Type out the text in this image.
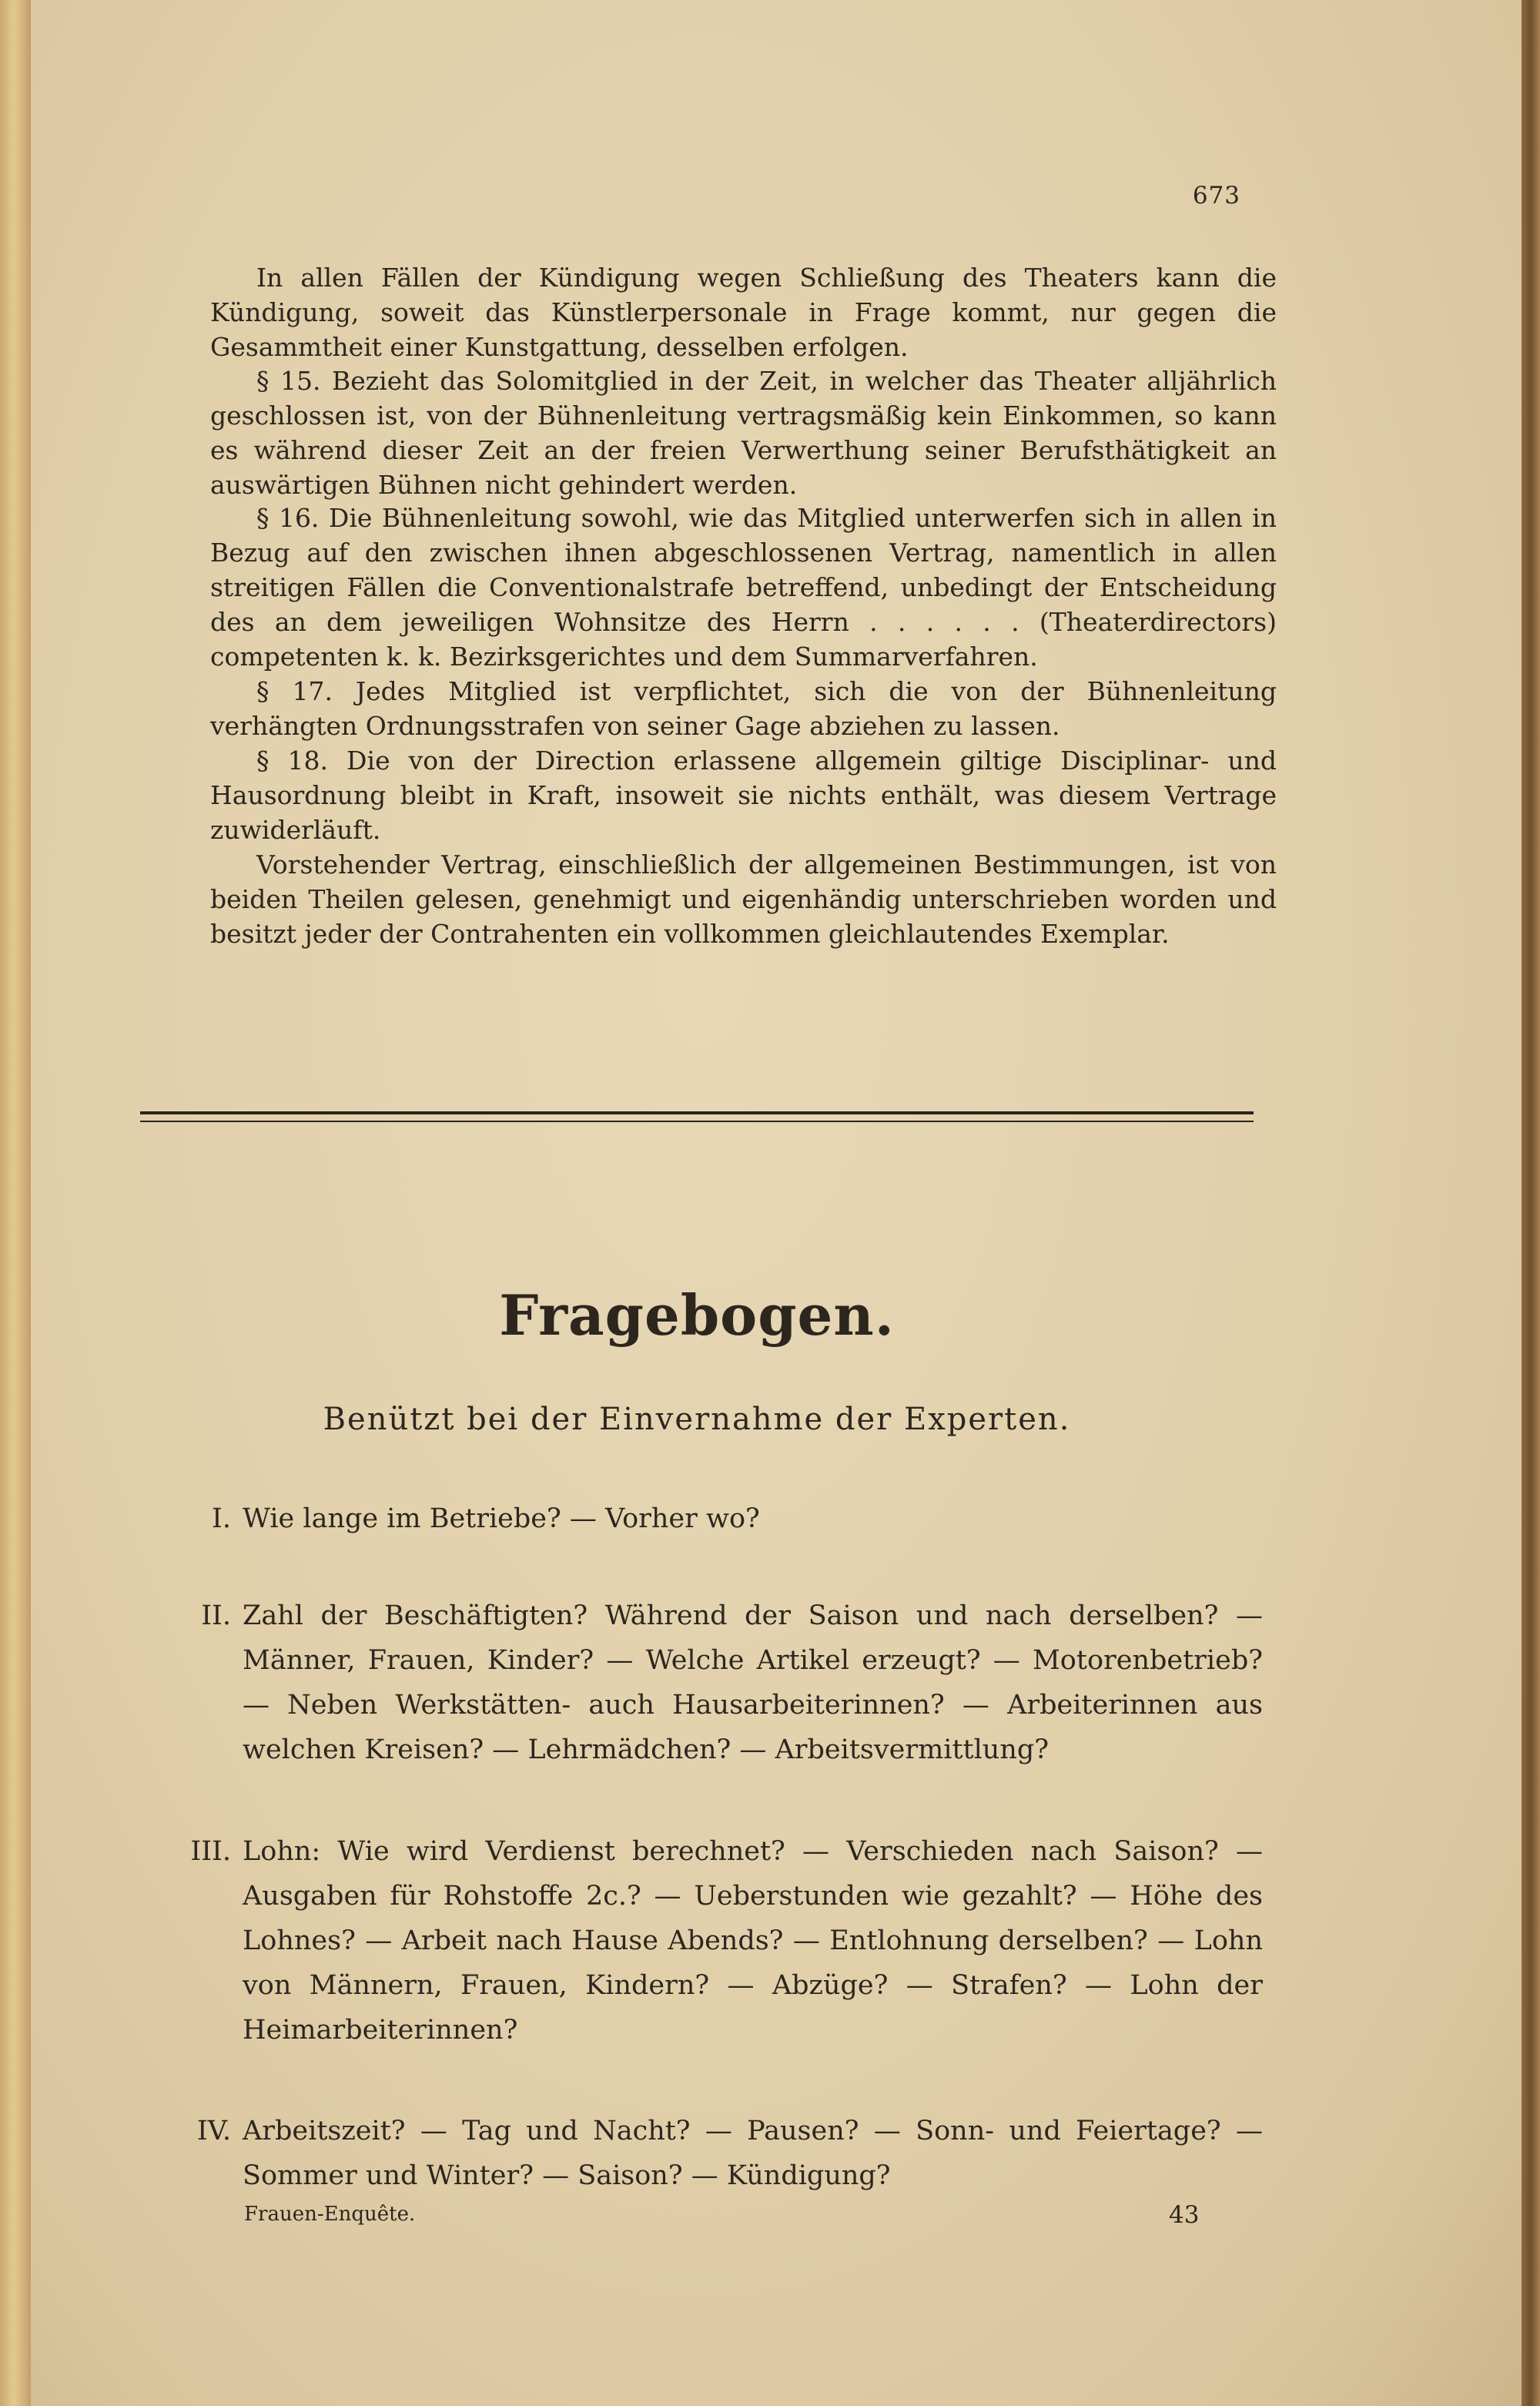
673

In allen Fällen der Kündigung wegen Schließung des Theaters kann die Kündigung, soweit das Künstlerpersonale in Frage kommt, nur gegen die Gesammtheit einer Kunstgattung, desselben erfolgen.

§ 15. Bezieht das Solomitglied in der Zeit, in welcher das Theater alljährlich geschlossen ist, von der Bühnenleitung vertragsmäßig kein Einkommen, so kann es während dieser Zeit an der freien Verwerthung seiner Berufsthätigkeit an auswärtigen Bühnen nicht gehindert werden.

§ 16. Die Bühnenleitung sowohl, wie das Mitglied unterwerfen sich in allen in Bezug auf den zwischen ihnen abgeschlossenen Vertrag, namentlich in allen streitigen Fällen die Conventionalstrafe betreffend, unbedingt der Entscheidung des an dem jeweiligen Wohnsitze des Herrn . . . . . . (Theaterdirectors) competenten k. k. Bezirksgerichtes und dem Summarverfahren.

§ 17. Jedes Mitglied ist verpflichtet, sich die von der Bühnenleitung verhängten Ordnungsstrafen von seiner Gage abziehen zu lassen.

§ 18. Die von der Direction erlassene allgemein giltige Disciplinar- und Hausordnung bleibt in Kraft, insoweit sie nichts enthält, was diesem Vertrage zuwiderläuft.

Vorstehender Vertrag, einschließlich der allgemeinen Bestimmungen, ist von beiden Theilen gelesen, genehmigt und eigenhändig unterschrieben worden und besitzt jeder der Contrahenten ein vollkommen gleichlautendes Exemplar.

Fragebogen.
Benützt bei der Einvernahme der Experten.
I. Wie lange im Betriebe? — Vorher wo?
II. Zahl der Beschäftigten? Während der Saison und nach derselben? — Männer, Frauen, Kinder? — Welche Artikel erzeugt? — Motorenbetrieb? — Neben Werkstätten- auch Hausarbeiterinnen? — Arbeiterinnen aus welchen Kreisen? — Lehrmädchen? — Arbeitsvermittlung?
III. Lohn: Wie wird Verdienst berechnet? — Verschieden nach Saison? — Ausgaben für Rohstoffe 2c.? — Ueberstunden wie gezahlt? — Höhe des Lohnes? — Arbeit nach Hause Abends? — Entlohnung derselben? — Lohn von Männern, Frauen, Kindern? — Abzüge? — Strafen? — Lohn der Heimarbeiterinnen?
IV. Arbeitszeit? — Tag und Nacht? — Pausen? — Sonn- und Feiertage? — Sommer und Winter? — Saison? — Kündigung?
Frauen-Enquête.	43
